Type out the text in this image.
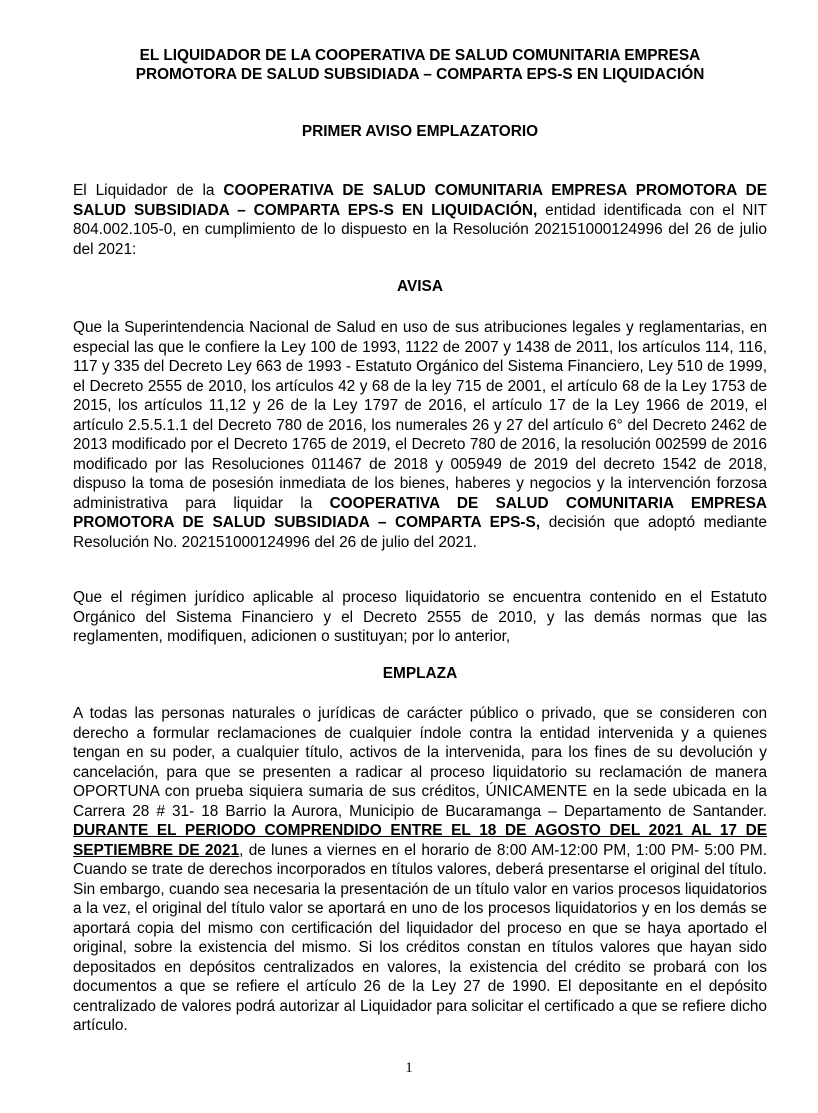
EL LIQUIDADOR DE LA COOPERATIVA DE SALUD COMUNITARIA EMPRESA

PROMOTORA DE SALUD SUBSIDIADA – COMPARTA EPS-S EN LIQUIDACIÓN

PRIMER AVISO EMPLAZATORIO

El Liquidador de la COOPERATIVA DE SALUD COMUNITARIA EMPRESA PROMOTORA DE SALUD SUBSIDIADA – COMPARTA EPS-S EN LIQUIDACIÓN, entidad identificada con el NIT 804.002.105-0, en cumplimiento de lo dispuesto en la Resolución 202151000124996 del 26 de julio del 2021:

AVISA

Que la Superintendencia Nacional de Salud en uso de sus atribuciones legales y reglamentarias, en especial las que le confiere la Ley 100 de 1993, 1122 de 2007 y 1438 de 2011, los artículos 114, 116, 117 y 335 del Decreto Ley 663 de 1993 - Estatuto Orgánico del Sistema Financiero, Ley 510 de 1999, el Decreto 2555 de 2010, los artículos 42 y 68 de la ley 715 de 2001, el artículo 68 de la Ley 1753 de 2015, los artículos 11,12 y 26 de la Ley 1797 de 2016, el artículo 17 de la Ley 1966 de 2019, el artículo 2.5.5.1.1 del Decreto 780 de 2016, los numerales 26 y 27 del artículo 6° del Decreto 2462 de 2013 modificado por el Decreto 1765 de 2019, el Decreto 780 de 2016, la resolución 002599 de 2016 modificado por las Resoluciones 011467 de 2018 y 005949 de 2019 del decreto 1542 de 2018, dispuso la toma de posesión inmediata de los bienes, haberes y negocios y la intervención forzosa administrativa para liquidar la COOPERATIVA DE SALUD COMUNITARIA EMPRESA PROMOTORA DE SALUD SUBSIDIADA – COMPARTA EPS-S, decisión que adoptó mediante Resolución No. 202151000124996 del 26 de julio del 2021.

Que el régimen jurídico aplicable al proceso liquidatorio se encuentra contenido en el Estatuto Orgánico del Sistema Financiero y el Decreto 2555 de 2010, y las demás normas que las reglamenten, modifiquen, adicionen o sustituyan; por lo anterior,

EMPLAZA

A todas las personas naturales o jurídicas de carácter público o privado, que se consideren con derecho a formular reclamaciones de cualquier índole contra la entidad intervenida y a quienes tengan en su poder, a cualquier título, activos de la intervenida, para los fines de su devolución y cancelación, para que se presenten a radicar al proceso liquidatorio su reclamación de manera OPORTUNA con prueba siquiera sumaria de sus créditos, ÚNICAMENTE en la sede ubicada en la Carrera 28 # 31- 18 Barrio la Aurora, Municipio de Bucaramanga – Departamento de Santander. DURANTE EL PERIODO COMPRENDIDO ENTRE EL 18 DE AGOSTO DEL 2021 AL 17 DE SEPTIEMBRE DE 2021, de lunes a viernes en el horario de 8:00 AM-12:00 PM, 1:00 PM- 5:00 PM. Cuando se trate de derechos incorporados en títulos valores, deberá presentarse el original del título. Sin embargo, cuando sea necesaria la presentación de un título valor en varios procesos liquidatorios a la vez, el original del título valor se aportará en uno de los procesos liquidatorios y en los demás se aportará copia del mismo con certificación del liquidador del proceso en que se haya aportado el original, sobre la existencia del mismo. Si los créditos constan en títulos valores que hayan sido depositados en depósitos centralizados en valores, la existencia del crédito se probará con los documentos a que se refiere el artículo 26 de la Ley 27 de 1990. El depositante en el depósito centralizado de valores podrá autorizar al Liquidador para solicitar el certificado a que se refiere dicho artículo.

1
